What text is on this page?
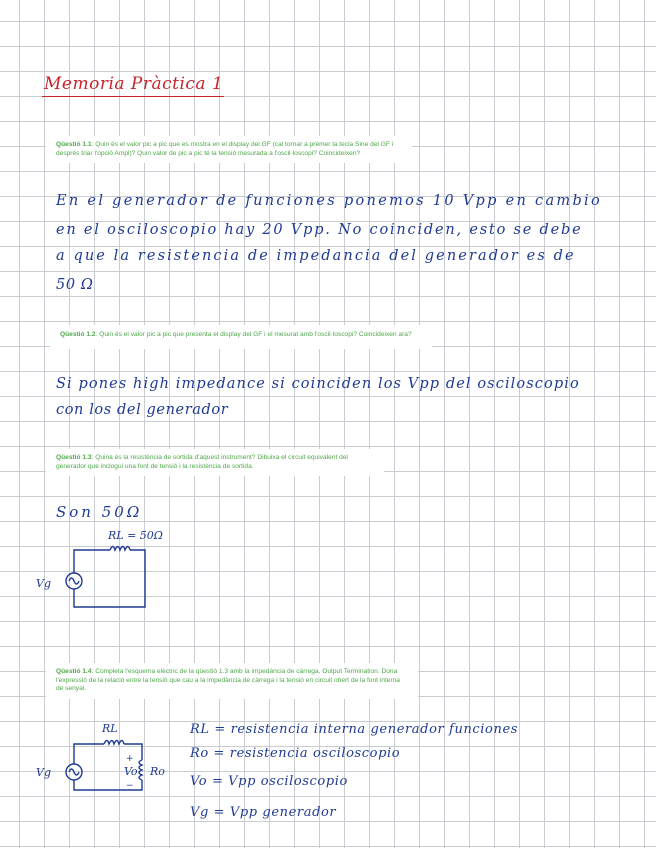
Memoria Pràctica 1
Qüestió 1.1: Quin és el valor pic a pic que es mostra en el display del GF (cal tornar a prémer la tecla Sine del GF i després triar l'opció Ampl)? Quin valor de pic a pic té la tensió mesurada a l'oscil·loscopi? Coincideixen?
En el generador de funciones ponemos 10 Vpp en cambio
en el osciloscopio hay 20 Vpp. No coinciden, esto se debe
a que la resistencia de impedancia del generador es de
50 Ω
Qüestió 1.2: Quin és el valor pic a pic que presenta el display del GF i el mesurat amb l'oscil·loscopi? Coincideixen ara?
Si pones high impedance si coinciden los Vpp del osciloscopio
con los del generador
Qüestió 1.3: Quina és la resistència de sortida d'aquest instrument? Dibuixa el circuit equivalent del generador que inclogui una font de tensió i la resistència de sortida.
Son 50Ω
RL = 50Ω
Vg
Qüestió 1.4: Completa l'esquema elèctric de la qüestió 1.3 amb la impedància de càrrega, Output Termination. Dona l'expressió de la relació entre la tensió que cau a la impedància de càrrega i la tensió en circuit obert de la font interna de senyal.
RL
Vg
+
Vo
−
Ro
RL = resistencia interna generador funciones
Ro = resistencia osciloscopio
Vo = Vpp osciloscopio
Vg = Vpp generador
